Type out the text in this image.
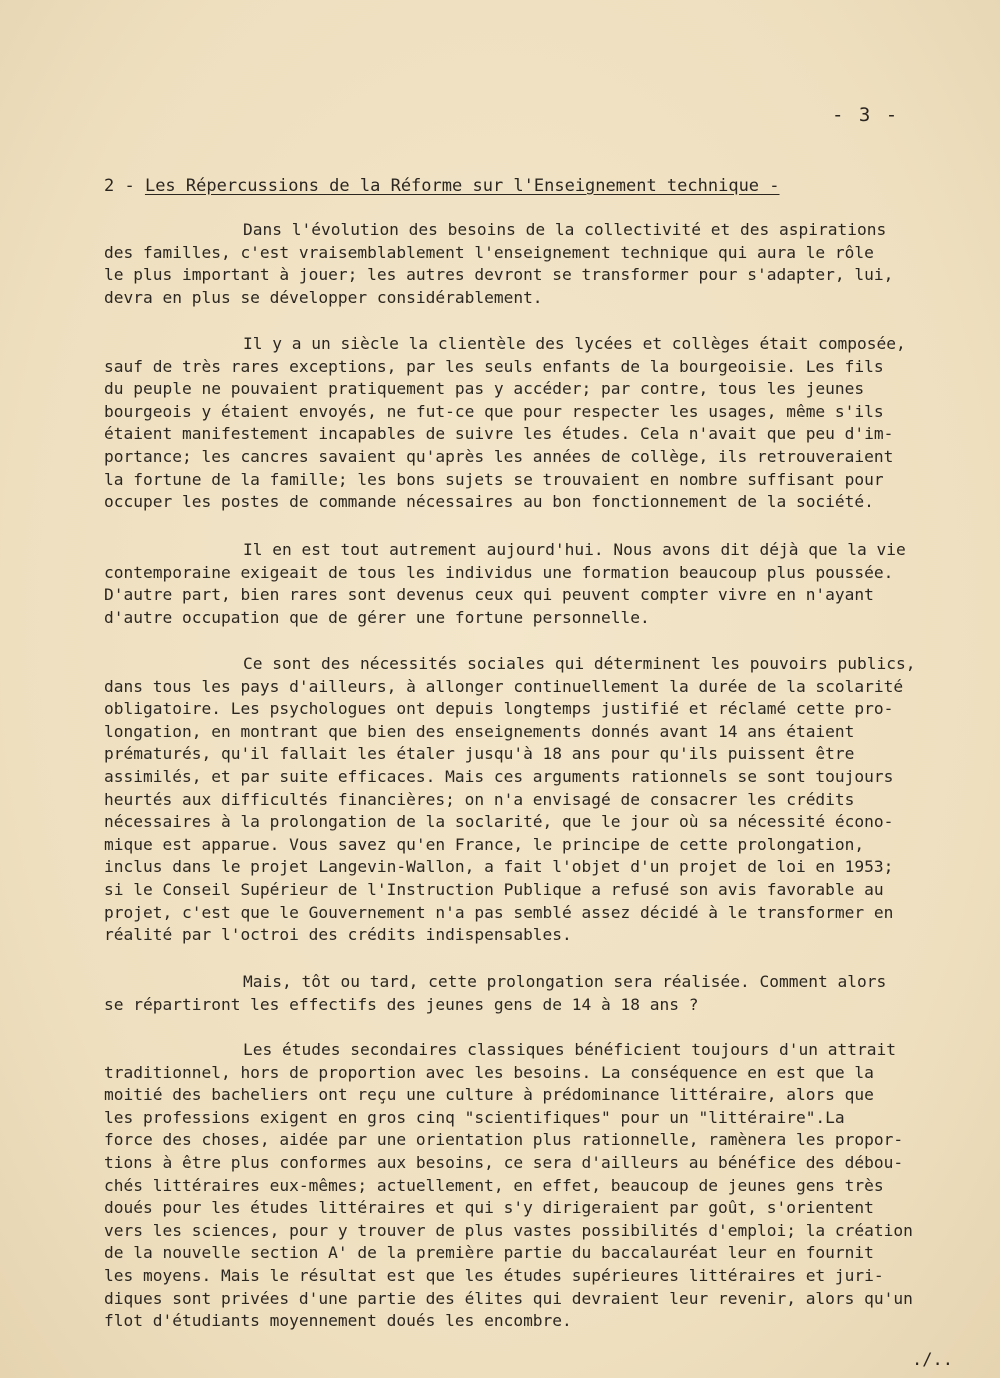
- 3 -
2 - Les Répercussions de la Réforme sur l'Enseignement technique -
Dans l'évolution des besoins de la collectivité et des aspirations
des familles, c'est vraisemblablement l'enseignement technique qui aura le rôle
le plus important à jouer; les autres devront se transformer pour s'adapter, lui,
devra en plus se développer considérablement.
Il y a un siècle la clientèle des lycées et collèges était composée,
sauf de très rares exceptions, par les seuls enfants de la bourgeoisie. Les fils
du peuple ne pouvaient pratiquement pas y accéder; par contre, tous les jeunes
bourgeois y étaient envoyés, ne fut-ce que pour respecter les usages, même s'ils
étaient manifestement incapables de suivre les études. Cela n'avait que peu d'im-
portance; les cancres savaient qu'après les années de collège, ils retrouveraient
la fortune de la famille; les bons sujets se trouvaient en nombre suffisant pour
occuper les postes de commande nécessaires au bon fonctionnement de la société.
Il en est tout autrement aujourd'hui. Nous avons dit déjà que la vie
contemporaine exigeait de tous les individus une formation beaucoup plus poussée.
D'autre part, bien rares sont devenus ceux qui peuvent compter vivre en n'ayant
d'autre occupation que de gérer une fortune personnelle.
Ce sont des nécessités sociales qui déterminent les pouvoirs publics,
dans tous les pays d'ailleurs, à allonger continuellement la durée de la scolarité
obligatoire. Les psychologues ont depuis longtemps justifié et réclamé cette pro-
longation, en montrant que bien des enseignements donnés avant 14 ans étaient
prématurés, qu'il fallait les étaler jusqu'à 18 ans pour qu'ils puissent être
assimilés, et par suite efficaces. Mais ces arguments rationnels se sont toujours
heurtés aux difficultés financières; on n'a envisagé de consacrer les crédits
nécessaires à la prolongation de la soclarité, que le jour où sa nécessité écono-
mique est apparue. Vous savez qu'en France, le principe de cette prolongation,
inclus dans le projet Langevin-Wallon, a fait l'objet d'un projet de loi en 1953;
si le Conseil Supérieur de l'Instruction Publique a refusé son avis favorable au
projet, c'est que le Gouvernement n'a pas semblé assez décidé à le transformer en
réalité par l'octroi des crédits indispensables.
Mais, tôt ou tard, cette prolongation sera réalisée. Comment alors
se répartiront les effectifs des jeunes gens de 14 à 18 ans ?
Les études secondaires classiques bénéficient toujours d'un attrait
traditionnel, hors de proportion avec les besoins. La conséquence en est que la
moitié des bacheliers ont reçu une culture à prédominance littéraire, alors que
les professions exigent en gros cinq "scientifiques" pour un "littéraire".La
force des choses, aidée par une orientation plus rationnelle, ramènera les propor-
tions à être plus conformes aux besoins, ce sera d'ailleurs au bénéfice des débou-
chés littéraires eux-mêmes; actuellement, en effet, beaucoup de jeunes gens très
doués pour les études littéraires et qui s'y dirigeraient par goût, s'orientent
vers les sciences, pour y trouver de plus vastes possibilités d'emploi; la création
de la nouvelle section A' de la première partie du baccalauréat leur en fournit
les moyens. Mais le résultat est que les études supérieures littéraires et juri-
diques sont privées d'une partie des élites qui devraient leur revenir, alors qu'un
flot d'étudiants moyennement doués les encombre.
./..
